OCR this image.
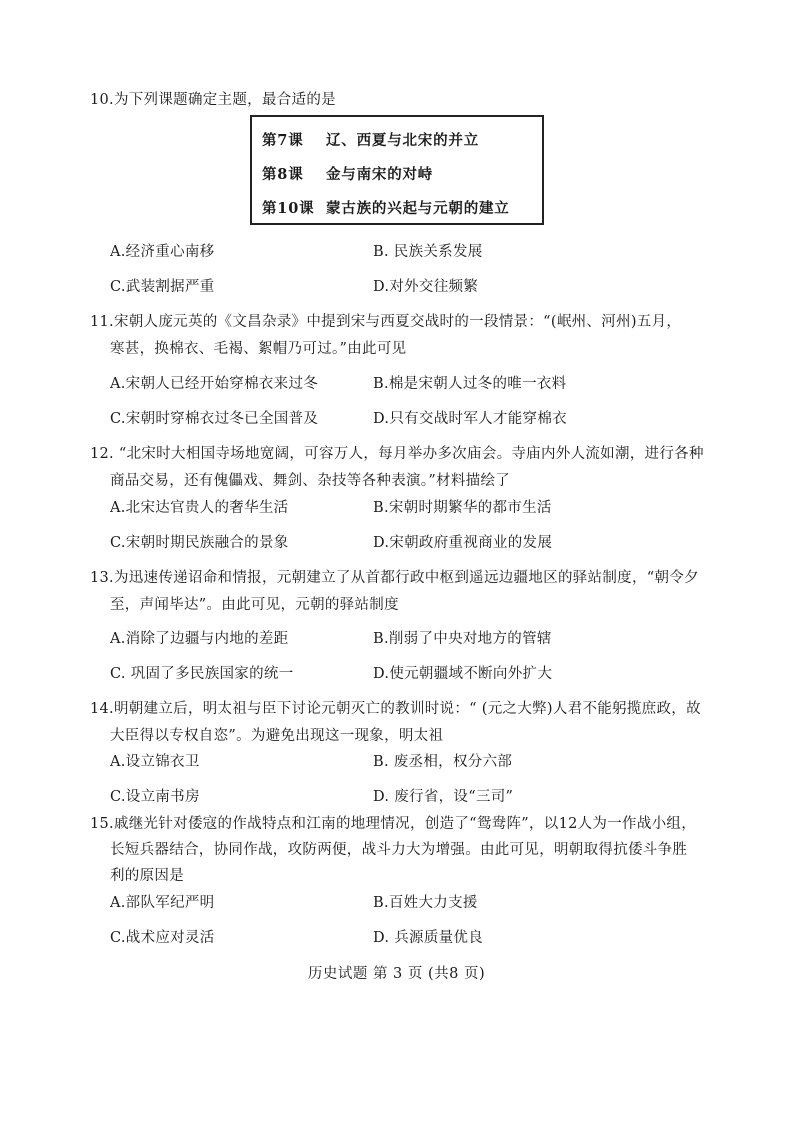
10.为下列课题确定主题，最合适的是
第7课 辽、西夏与北宋的并立
第8课 金与南宋的对峙
第10课 蒙古族的兴起与元朝的建立
A.经济重心南移	B. 民族关系发展
C.武装割据严重	D.对外交往频繁
11.宋朝人庞元英的《文昌杂录》中提到宋与西夏交战时的一段情景：“(岷州、河州)五月，
寒甚，换棉衣、毛褐、絮帽乃可过。”由此可见
A.宋朝人已经开始穿棉衣来过冬	B.棉是宋朝人过冬的唯一衣料
C.宋朝时穿棉衣过冬已全国普及	D.只有交战时军人才能穿棉衣
12. “北宋时大相国寺场地宽阔，可容万人，每月举办多次庙会。寺庙内外人流如潮，进行各种
商品交易，还有傀儡戏、舞剑、杂技等各种表演。”材料描绘了
A.北宋达官贵人的奢华生活	B.宋朝时期繁华的都市生活
C.宋朝时期民族融合的景象	D.宋朝政府重视商业的发展
13.为迅速传递诏命和情报，元朝建立了从首都行政中枢到遥远边疆地区的驿站制度，“朝令夕
至，声闻毕达”。由此可见，元朝的驿站制度
A.消除了边疆与内地的差距	B.削弱了中央对地方的管辖
C. 巩固了多民族国家的统一	D.使元朝疆域不断向外扩大
14.明朝建立后，明太祖与臣下讨论元朝灭亡的教训时说：“ (元之大弊)人君不能躬揽庶政，故
大臣得以专权自恣”。为避免出现这一现象，明太祖
A.设立锦衣卫	B. 废丞相，权分六部
C.设立南书房	D. 废行省，设“三司”
15.戚继光针对倭寇的作战特点和江南的地理情况，创造了“鸳鸯阵”，以12人为一作战小组，
长短兵器结合，协同作战，攻防两便，战斗力大为增强。由此可见，明朝取得抗倭斗争胜
利的原因是
A.部队军纪严明	B.百姓大力支援
C.战术应对灵活	D. 兵源质量优良
历史试题 第 3 页 (共8 页)
